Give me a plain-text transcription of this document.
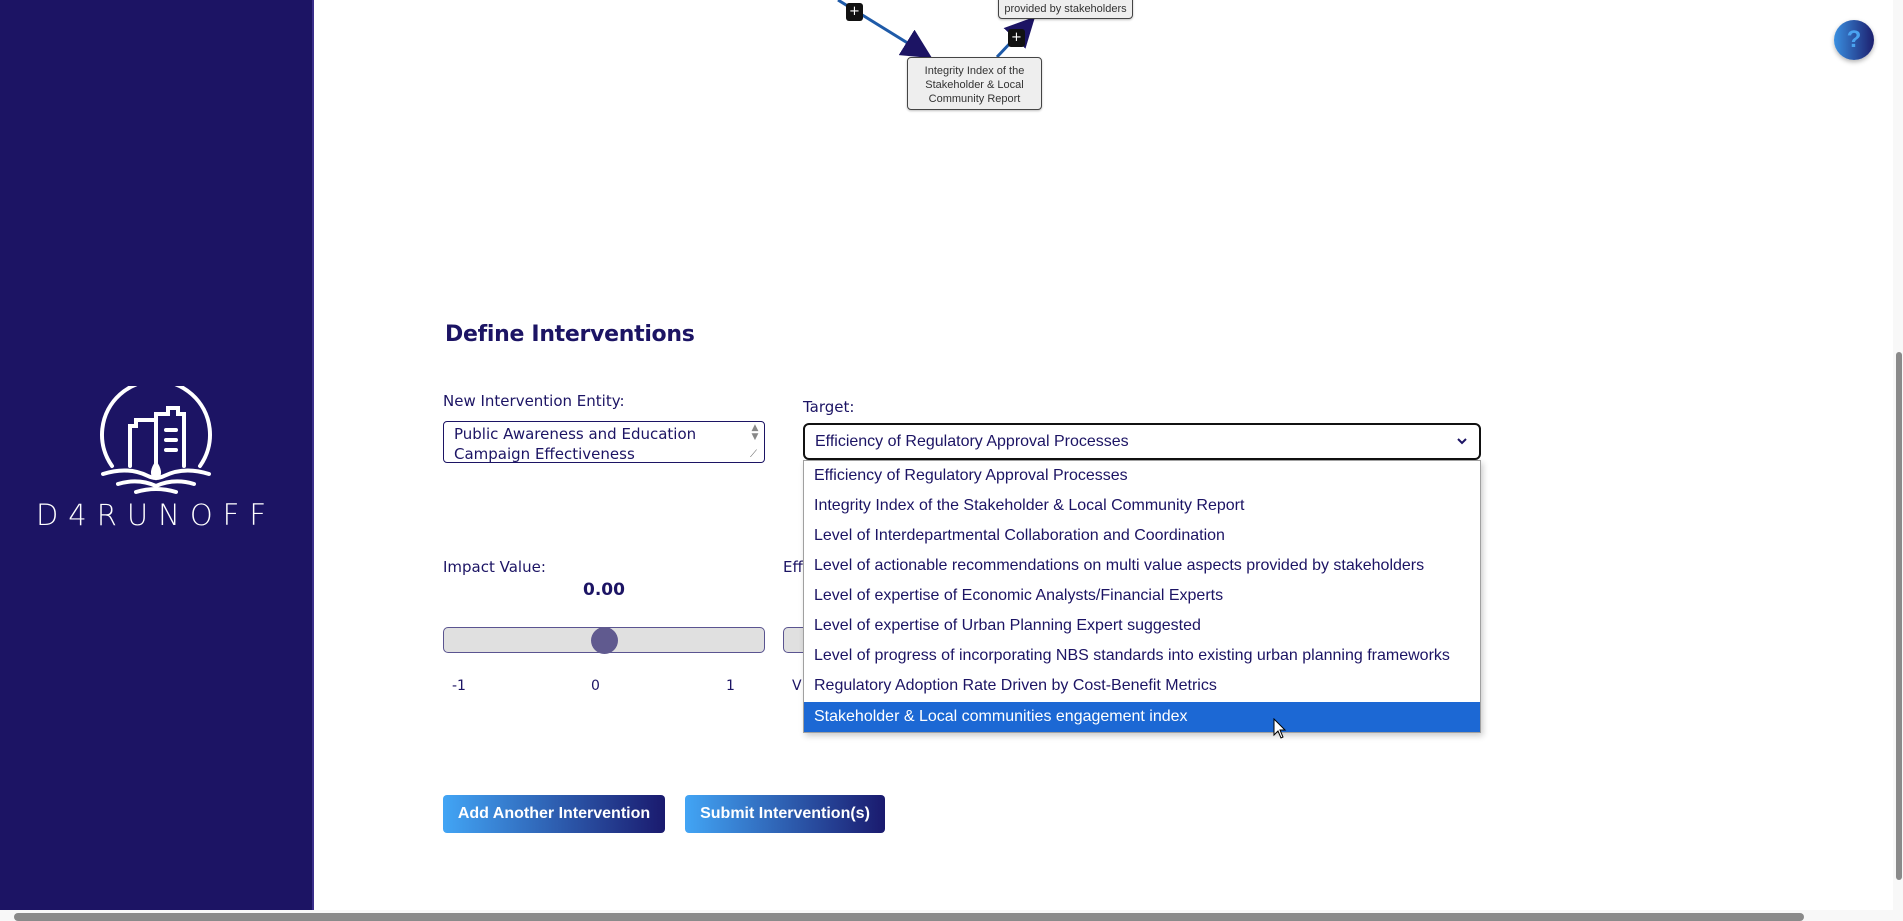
D4RUNOFF
provided by stakeholders
Integrity Index of the
Stakeholder & Local
Community Report
+
+	?
Define Interventions
New Intervention Entity:
Public Awareness and Education Campaign Effectiveness
▲
▼
⟋
Target:
Efficiency of Regulatory Approval Processes
Efficiency of Regulatory Approval Processes
Integrity Index of the Stakeholder & Local Community Report
Level of Interdepartmental Collaboration and Coordination
Level of actionable recommendations on multi value aspects provided by stakeholders
Level of expertise of Economic Analysts/Financial Experts
Level of expertise of Urban Planning Expert suggested
Level of progress of incorporating NBS standards into existing urban planning frameworks
Regulatory Adoption Rate Driven by Cost-Benefit Metrics
Stakeholder & Local communities engagement index
Impact Value:
0.00
-1	0	1
Eff
V
Add Another Intervention	Submit Intervention(s)
